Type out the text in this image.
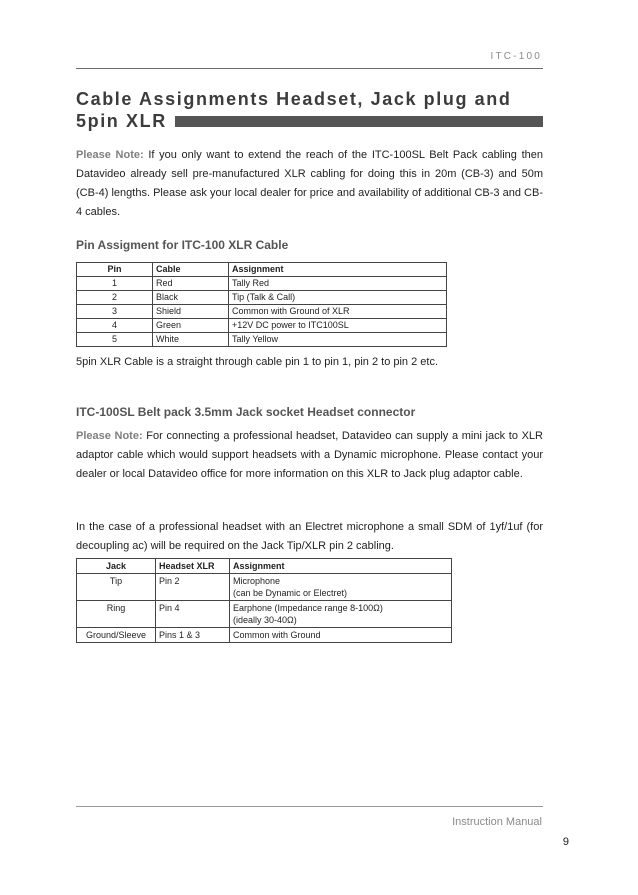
ITC-100
Cable Assignments Headset, Jack plug and
5pin XLR

Please Note: If you only want to extend the reach of the ITC-100SL Belt Pack cabling then Datavideo already sell pre-manufactured XLR cabling for doing this in 20m (CB-3) and 50m (CB-4) lengths. Please ask your local dealer for price and availability of additional CB-3 and CB-4 cables.

Pin Assigment for ITC-100 XLR Cable
Pin	Cable	Assignment
1	Red	Tally Red
2	Black	Tip (Talk & Call)
3	Shield	Common with Ground of XLR
4	Green	+12V DC power to ITC100SL
5	White	Tally Yellow

5pin XLR Cable is a straight through cable pin 1 to pin 1, pin 2 to pin 2 etc.

ITC-100SL Belt pack 3.5mm Jack socket Headset connector

Please Note: For connecting a professional headset, Datavideo can supply a mini jack to XLR adaptor cable which would support headsets with a Dynamic microphone. Please contact your dealer or local Datavideo office for more information on this XLR to Jack plug adaptor cable.

In the case of a professional headset with an Electret microphone a small SDM of 1yf/1uf (for decoupling ac) will be required on the Jack Tip/XLR pin 2 cabling.

Jack	Headset XLR	Assignment
Tip	Pin 2	Microphone
(can be Dynamic or Electret)

Ring	Pin 4	Earphone (Impedance range 8-100Ω)
(ideally 30-40Ω)

Ground/Sleeve	Pins 1 & 3	Common with Ground
Instruction Manual
9
